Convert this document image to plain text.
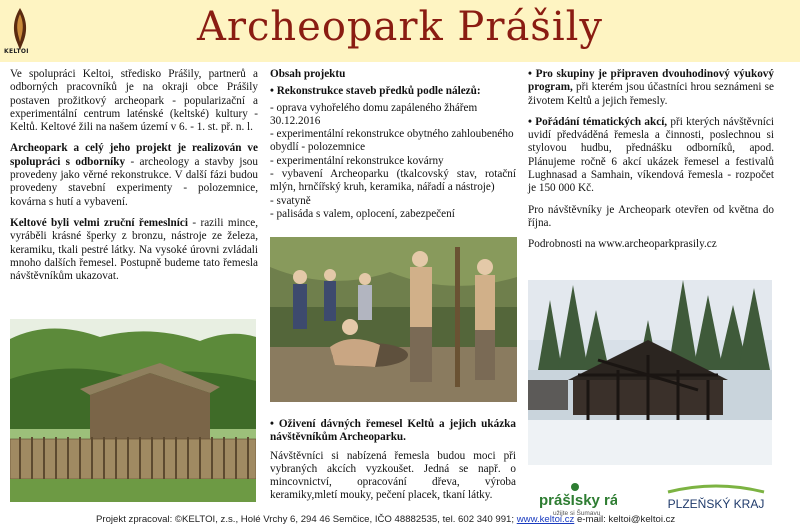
KELTOI
Archeopark Prášily

Ve spolupráci Keltoi, středisko Prášily, partnerů a odborných pracovníků je na okraji obce Prášily postaven prožitkový archeopark - popularizační a experimentální centrum laténské (keltské) kultury - Keltů. Keltové žili na našem území v 6. - 1. st. př. n. l.

Archeopark a celý jeho projekt je realizován ve spolupráci s odborníky - archeology a stavby jsou provedeny jako věrné rekonstrukce. V další fázi budou provedeny stavební experimenty - polozemnice, kovárna s hutí a vybavení.

Keltové byli velmi zruční řemeslníci - razili mince, vyráběli krásné šperky z bronzu, nástroje ze železa, keramiku, tkali pestré látky. Na vysoké úrovni zvládali mnoho dalších řemesel. Postupně budeme tato řemesla návštěvníkům ukazovat.

Obsah projektu
• Rekonstrukce staveb předků podle nálezů:
- oprava vyhořelého domu zapáleného žhářem 30.12.2016
- experimentální rekonstrukce obytného zahloubeného obydlí - polozemnice
- experimentální rekonstrukce kovárny
- vybavení Archeoparku (tkalcovský stav, rotační mlýn, hrnčířský kruh, keramika, nářadí a nástroje)
- svatyně
- palisáda s valem, oplocení, zabezpečení
• Oživení dávných řemesel Keltů a jejich ukázka návštěvníkům Archeoparku.

Návštěvníci si nabízená řemesla budou moci při vybraných akcích vyzkoušet. Jedná se např. o mincovnictví, opracování dřeva, výroba keramiky,mletí mouky, pečení placek, tkaní látky.

• Pro skupiny je připraven dvouhodinový výukový program, při kterém jsou účastníci hrou seznámeni se životem Keltů a jejich řemesly.

• Pořádání tématických akcí, při kterých návštěvníci uvidí předváděná řemesla a činnosti, poslechnou si stylovou hudbu, přednášku odborníků, apod. Plánujeme ročně 6 akcí ukázek řemesel a festivalů Lughnasad a Samhain, víkendová řemesla - rozpočet je 150 000 Kč.

Pro návštěvníky je Archeopark otevřen od května do října.

Podrobnosti na www.archeoparkprasily.cz

Projekt zpracoval: ©KELTOI, z.s., Holé Vrchy 6, 294 46 Semčice, IČO 48882535, tel. 602 340 991; www.keltoi.cz e-mail: keltoi@keltoi.cz
prášIsky ráj
užijte si Šumavu
PLZEŇSKÝ KRAJ
